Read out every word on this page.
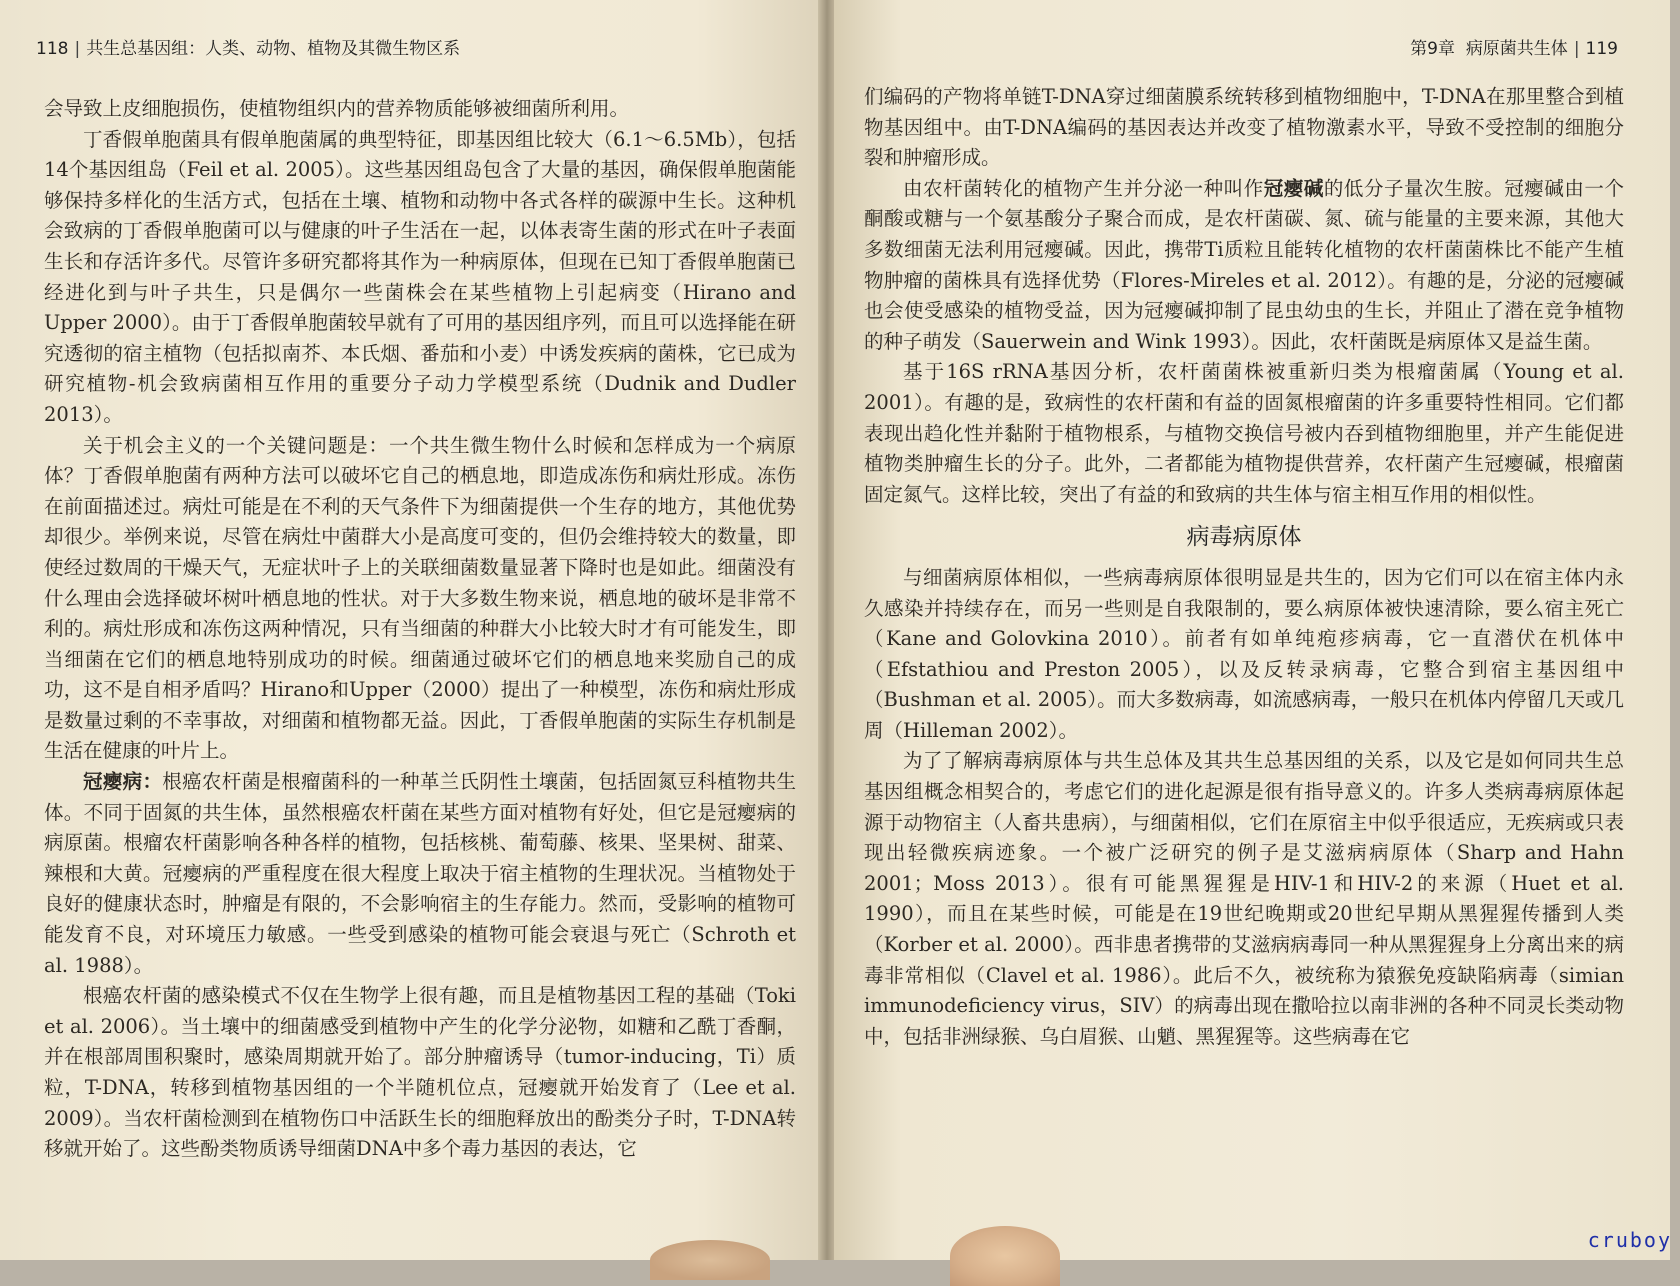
118 | 共生总基因组：人类、动物、植物及其微生物区系

会导致上皮细胞损伤，使植物组织内的营养物质能够被细菌所利用。

丁香假单胞菌具有假单胞菌属的典型特征，即基因组比较大（6.1～6.5Mb），包括14个基因组岛（Feil et al. 2005）。这些基因组岛包含了大量的基因，确保假单胞菌能够保持多样化的生活方式，包括在土壤、植物和动物中各式各样的碳源中生长。这种机会致病的丁香假单胞菌可以与健康的叶子生活在一起，以体表寄生菌的形式在叶子表面生长和存活许多代。尽管许多研究都将其作为一种病原体，但现在已知丁香假单胞菌已经进化到与叶子共生，只是偶尔一些菌株会在某些植物上引起病变（Hirano and Upper 2000）。由于丁香假单胞菌较早就有了可用的基因组序列，而且可以选择能在研究透彻的宿主植物（包括拟南芥、本氏烟、番茄和小麦）中诱发疾病的菌株，它已成为研究植物-机会致病菌相互作用的重要分子动力学模型系统（Dudnik and Dudler 2013）。

关于机会主义的一个关键问题是：一个共生微生物什么时候和怎样成为一个病原体？丁香假单胞菌有两种方法可以破坏它自己的栖息地，即造成冻伤和病灶形成。冻伤在前面描述过。病灶可能是在不利的天气条件下为细菌提供一个生存的地方，其他优势却很少。举例来说，尽管在病灶中菌群大小是高度可变的，但仍会维持较大的数量，即使经过数周的干燥天气，无症状叶子上的关联细菌数量显著下降时也是如此。细菌没有什么理由会选择破坏树叶栖息地的性状。对于大多数生物来说，栖息地的破坏是非常不利的。病灶形成和冻伤这两种情况，只有当细菌的种群大小比较大时才有可能发生，即当细菌在它们的栖息地特别成功的时候。细菌通过破坏它们的栖息地来奖励自己的成功，这不是自相矛盾吗？Hirano和Upper（2000）提出了一种模型，冻伤和病灶形成是数量过剩的不幸事故，对细菌和植物都无益。因此，丁香假单胞菌的实际生存机制是生活在健康的叶片上。

冠瘿病：根癌农杆菌是根瘤菌科的一种革兰氏阴性土壤菌，包括固氮豆科植物共生体。不同于固氮的共生体，虽然根癌农杆菌在某些方面对植物有好处，但它是冠瘿病的病原菌。根瘤农杆菌影响各种各样的植物，包括核桃、葡萄藤、核果、坚果树、甜菜、辣根和大黄。冠瘿病的严重程度在很大程度上取决于宿主植物的生理状况。当植物处于良好的健康状态时，肿瘤是有限的，不会影响宿主的生存能力。然而，受影响的植物可能发育不良，对环境压力敏感。一些受到感染的植物可能会衰退与死亡（Schroth et al. 1988）。

根癌农杆菌的感染模式不仅在生物学上很有趣，而且是植物基因工程的基础（Toki et al. 2006）。当土壤中的细菌感受到植物中产生的化学分泌物，如糖和乙酰丁香酮，并在根部周围积聚时，感染周期就开始了。部分肿瘤诱导（tumor-inducing，Ti）质粒，T-DNA，转移到植物基因组的一个半随机位点，冠瘿就开始发育了（Lee et al. 2009）。当农杆菌检测到在植物伤口中活跃生长的细胞释放出的酚类分子时，T-DNA转移就开始了。这些酚类物质诱导细菌DNA中多个毒力基因的表达，它

第9章 病原菌共生体 | 119

们编码的产物将单链T-DNA穿过细菌膜系统转移到植物细胞中，T-DNA在那里整合到植物基因组中。由T-DNA编码的基因表达并改变了植物激素水平，导致不受控制的细胞分裂和肿瘤形成。

由农杆菌转化的植物产生并分泌一种叫作冠瘿碱的低分子量次生胺。冠瘿碱由一个酮酸或糖与一个氨基酸分子聚合而成，是农杆菌碳、氮、硫与能量的主要来源，其他大多数细菌无法利用冠瘿碱。因此，携带Ti质粒且能转化植物的农杆菌菌株比不能产生植物肿瘤的菌株具有选择优势（Flores-Mireles et al. 2012）。有趣的是，分泌的冠瘿碱也会使受感染的植物受益，因为冠瘿碱抑制了昆虫幼虫的生长，并阻止了潜在竞争植物的种子萌发（Sauerwein and Wink 1993）。因此，农杆菌既是病原体又是益生菌。

基于16S rRNA基因分析，农杆菌菌株被重新归类为根瘤菌属（Young et al. 2001）。有趣的是，致病性的农杆菌和有益的固氮根瘤菌的许多重要特性相同。它们都表现出趋化性并黏附于植物根系，与植物交换信号被内吞到植物细胞里，并产生能促进植物类肿瘤生长的分子。此外，二者都能为植物提供营养，农杆菌产生冠瘿碱，根瘤菌固定氮气。这样比较，突出了有益的和致病的共生体与宿主相互作用的相似性。

病毒病原体

与细菌病原体相似，一些病毒病原体很明显是共生的，因为它们可以在宿主体内永久感染并持续存在，而另一些则是自我限制的，要么病原体被快速清除，要么宿主死亡（Kane and Golovkina 2010）。前者有如单纯疱疹病毒，它一直潜伏在机体中（Efstathiou and Preston 2005），以及反转录病毒，它整合到宿主基因组中（Bushman et al. 2005）。而大多数病毒，如流感病毒，一般只在机体内停留几天或几周（Hilleman 2002）。

为了了解病毒病原体与共生总体及其共生总基因组的关系，以及它是如何同共生总基因组概念相契合的，考虑它们的进化起源是很有指导意义的。许多人类病毒病原体起源于动物宿主（人畜共患病），与细菌相似，它们在原宿主中似乎很适应，无疾病或只表现出轻微疾病迹象。一个被广泛研究的例子是艾滋病病原体（Sharp and Hahn 2001；Moss 2013）。很有可能黑猩猩是HIV-1和HIV-2的来源（Huet et al. 1990），而且在某些时候，可能是在19世纪晚期或20世纪早期从黑猩猩传播到人类（Korber et al. 2000）。西非患者携带的艾滋病病毒同一种从黑猩猩身上分离出来的病毒非常相似（Clavel et al. 1986）。此后不久，被统称为猿猴免疫缺陷病毒（simian immunodeficiency virus，SIV）的病毒出现在撒哈拉以南非洲的各种不同灵长类动物中，包括非洲绿猴、乌白眉猴、山魈、黑猩猩等。这些病毒在它

cruboy
